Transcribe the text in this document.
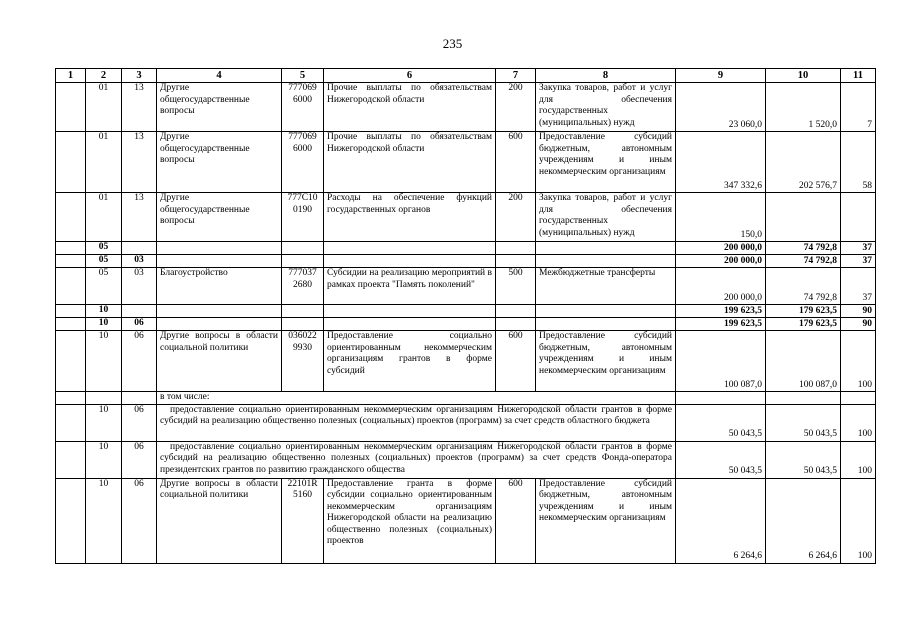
235
1	2	3	4	5	6	7	8	9	10	11
	01	13	Другие общегосударственные вопросы	777069 6000	Прочие выплаты по обязательствам Нижегородской области	200	Закупка товаров, работ и услуг для обеспечения государственных (муниципальных) нужд	23 060,0	1 520,0	7
	01	13	Другие общегосударственные вопросы	777069 6000	Прочие выплаты по обязательствам Нижегородской области	600	Предоставление субсидий бюджетным, автономным учреждениям и иным некоммерческим организациям	347 332,6	202 576,7	58
	01	13	Другие общегосударственные вопросы	777C10 0190	Расходы на обеспечение функций государственных органов	200	Закупка товаров, работ и услуг для обеспечения государственных (муниципальных) нужд	150,0		
	05							200 000,0	74 792,8	37
	05	03						200 000,0	74 792,8	37
	05	03	Благоустройство	777037 2680	Субсидии на реализацию мероприятий в рамках проекта "Память поколений"	500	Межбюджетные трансферты	200 000,0	74 792,8	37
	10							199 623,5	179 623,5	90
	10	06						199 623,5	179 623,5	90
	10	06	Другие вопросы в области социальной политики	036022 9930	Предоставление социально ориентированным некоммерческим организациям грантов в форме субсидий	600	Предоставление субсидий бюджетным, автономным учреждениям и иным некоммерческим организациям	100 087,0	100 087,0	100
			в том числе:							
	10	06	предоставление социально ориентированным некоммерческим организациям Нижегородской области грантов в форме субсидий на реализацию общественно полезных (социальных) проектов (программ) за счет средств областного бюджета					50 043,5	50 043,5	100
	10	06	предоставление социально ориентированным некоммерческим организациям Нижегородской области грантов в форме субсидий на реализацию общественно полезных (социальных) проектов (программ) за счет средств Фонда-оператора президентских грантов по развитию гражданского общества					50 043,5	50 043,5	100
	10	06	Другие вопросы в области социальной политики	22101R 5160	Предоставление гранта в форме субсидии социально ориентированным некоммерческим организациям Нижегородской области на реализацию общественно полезных (социальных) проектов	600	Предоставление субсидий бюджетным, автономным учреждениям и иным некоммерческим организациям	6 264,6	6 264,6	100
